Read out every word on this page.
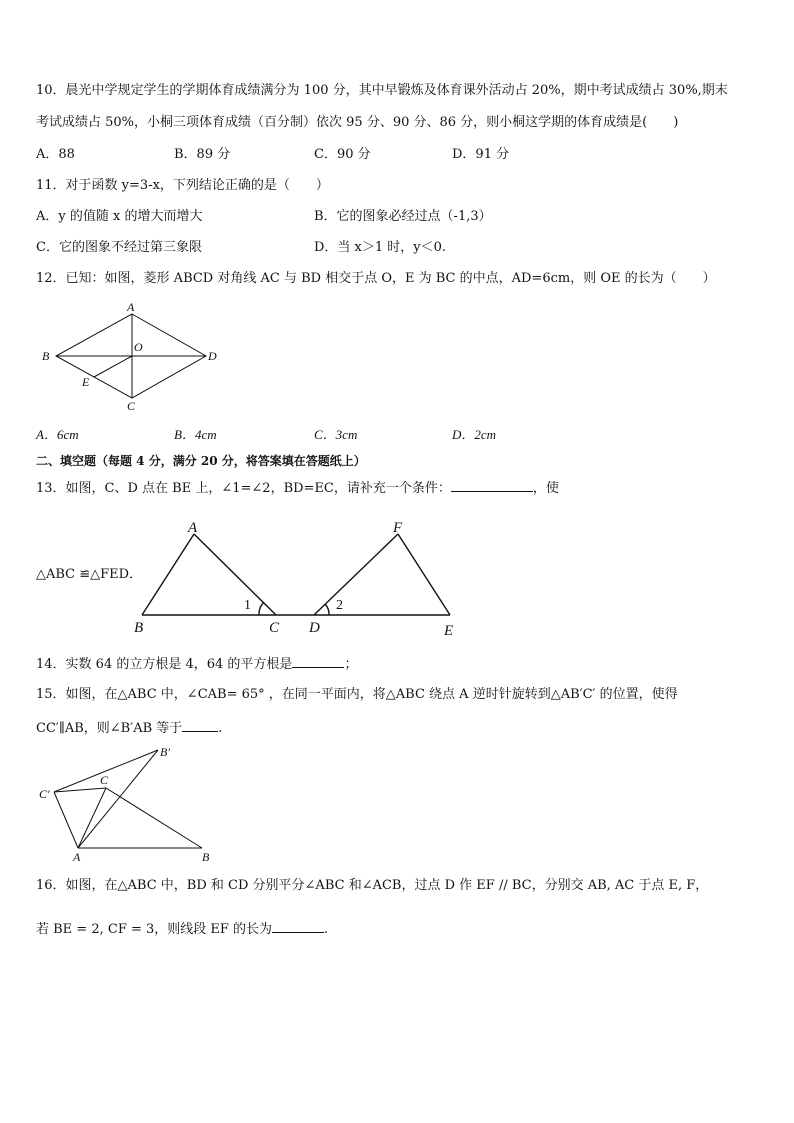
10．晨光中学规定学生的学期体育成绩满分为 100 分，其中早锻炼及体育课外活动占 20%，期中考试成绩占 30%,期末
考试成绩占 50%，小桐三项体育成绩（百分制）依次 95 分、90 分、86 分，则小桐这学期的体育成绩是(　　)
A．88	B．89 分	C．90 分	D．91 分
11．对于函数 y=3-x，下列结论正确的是（　　）
A．y 的值随 x 的增大而增大	B．它的图象必经过点（-1,3）
C．它的图象不经过第三象限	D．当 x＞1 时，y＜0.
12．已知：如图，菱形 ABCD 对角线 AC 与 BD 相交于点 O，E 为 BC 的中点，AD=6cm，则 OE 的长为（　　）
A
B
C
D
O
E
A．6cm	B．4cm	C．3cm	D．2cm
二、填空题（每题 4 分，满分 20 分，将答案填在答题纸上）
13．如图，C、D 点在 BE 上，∠1=∠2，BD=EC，请补充一个条件：	，使
△ABC ≌△FED．
A
B	C D	E
F
1	2
14．实数 64 的立方根是 4，64 的平方根是	；
15．如图，在△ABC 中，∠CAB= 65° ，在同一平面内，将△ABC 绕点 A 逆时针旋转到△AB′C′ 的位置，使得
CC′∥AB，则∠B′AB 等于	.
B′
C′
C
A	B
16．如图，在△ABC 中，BD 和 CD 分别平分∠ABC 和∠ACB，过点 D 作 EF // BC，分别交 AB, AC 于点 E, F，
若 BE = 2, CF = 3，则线段 EF 的长为	.
